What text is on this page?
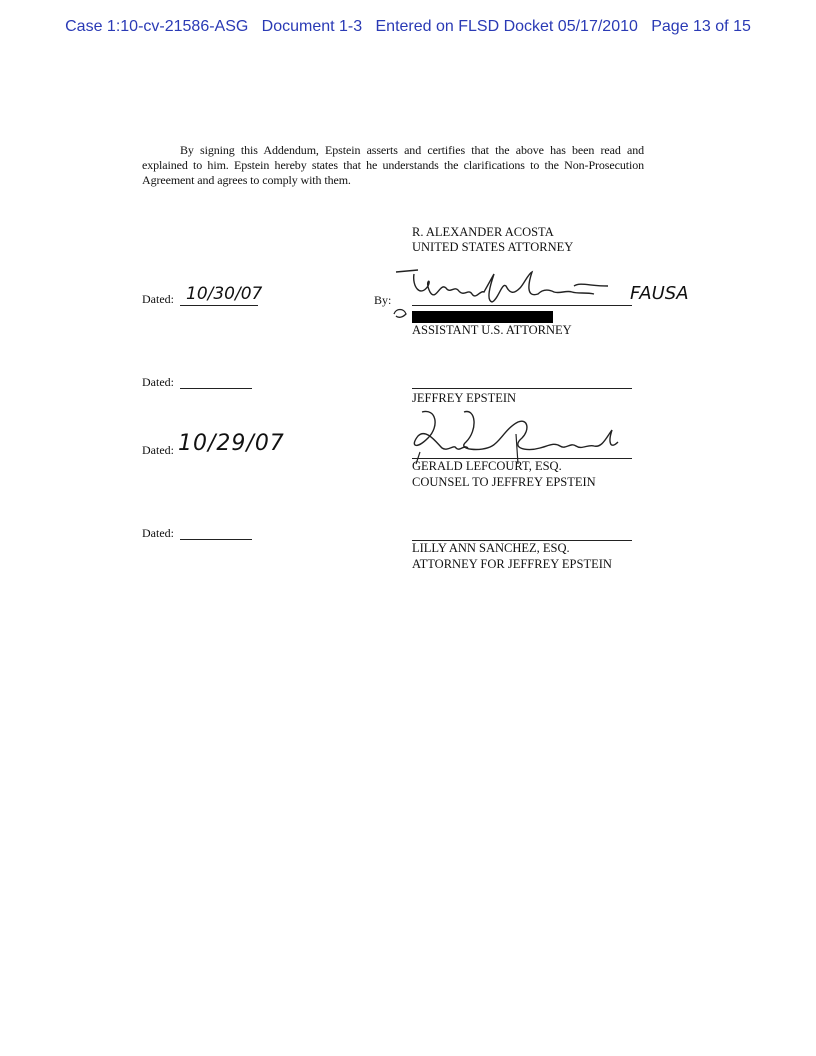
Case 1:10-cv-21586-ASG   Document 1-3   Entered on FLSD Docket 05/17/2010   Page 13 of 15
By signing this Addendum, Epstein asserts and certifies that the above has been read and explained to him. Epstein hereby states that he understands the clarifications to the Non-Prosecution Agreement and agrees to comply with them.
R. ALEXANDER ACOSTA
UNITED STATES ATTORNEY
Dated: 10/30/07	By:	FAUSA
ASSISTANT U.S. ATTORNEY
Dated:
JEFFREY EPSTEIN
Dated: 10/29/07
GERALD LEFCOURT, ESQ.
COUNSEL TO JEFFREY EPSTEIN
Dated:
LILLY ANN SANCHEZ, ESQ.
ATTORNEY FOR JEFFREY EPSTEIN
